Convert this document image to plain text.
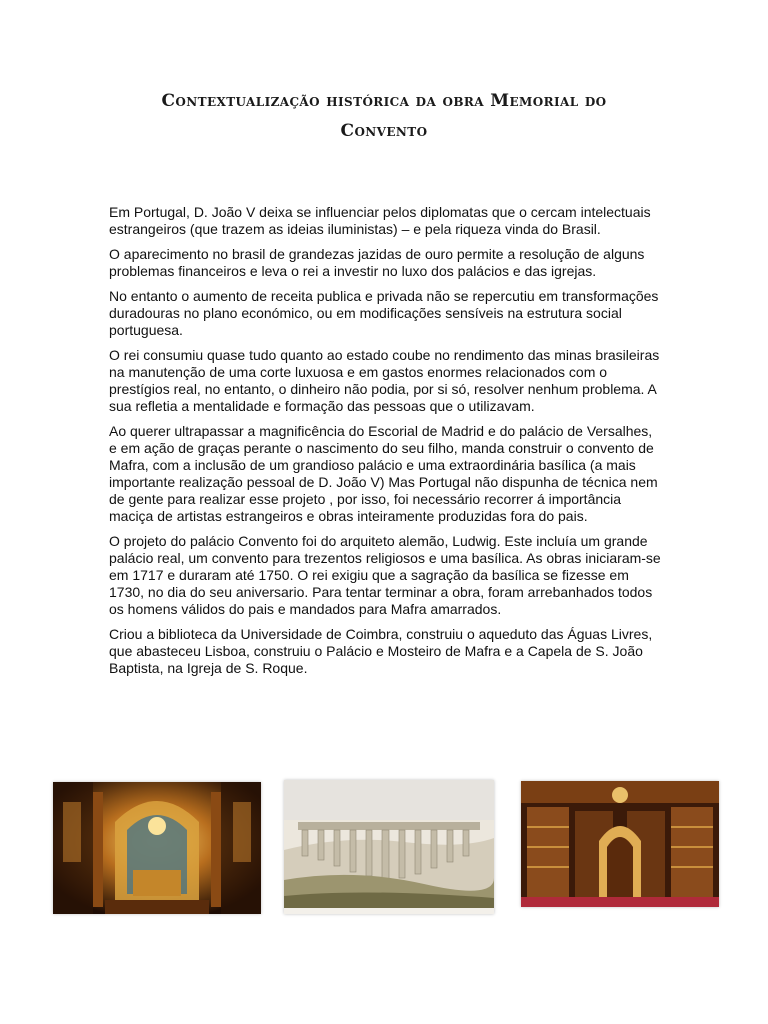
Contextualização histórica da obra Memorial do
Convento

Em Portugal, D. João V deixa se influenciar pelos diplomatas que o cercam intelectuais estrangeiros (que trazem as ideias iluministas) – e pela riqueza vinda do Brasil.

O aparecimento no brasil de grandezas jazidas de ouro permite a resolução de alguns problemas financeiros e leva o rei a investir no luxo dos palácios e das igrejas.

No entanto o aumento de receita publica e privada não se repercutiu em transformações duradouras no plano económico, ou em modificações sensíveis na estrutura social portuguesa.

O rei consumiu quase tudo quanto ao estado coube no rendimento das minas brasileiras na manutenção de uma corte luxuosa e em gastos enormes relacionados com o prestígios real, no entanto, o dinheiro não podia, por si só, resolver nenhum problema. A sua refletia a mentalidade e formação das pessoas que o utilizavam.

Ao querer ultrapassar a magnificência do Escorial de Madrid e do palácio de Versalhes, e em ação de graças perante o nascimento do seu filho, manda construir o convento de Mafra, com a inclusão de um grandioso palácio e uma extraordinária basílica (a mais importante realização pessoal de D. João V) Mas Portugal não dispunha de técnica nem de gente para realizar esse projeto , por isso, foi necessário recorrer á importância maciça de artistas estrangeiros e obras inteiramente produzidas fora do pais.

O projeto do palácio Convento foi do arquiteto alemão, Ludwig. Este incluía um grande palácio real, um convento para trezentos religiosos e uma basílica. As obras iniciaram-se em 1717 e duraram até 1750. O rei exigiu que a sagração da basílica se fizesse em 1730, no dia do seu aniversario. Para tentar terminar a obra, foram arrebanhados todos os homens válidos do pais e mandados para Mafra amarrados.

Criou a biblioteca da Universidade de Coimbra, construiu o aqueduto das Águas Livres, que abasteceu Lisboa, construiu o Palácio e Mosteiro de Mafra e a Capela de S. João Baptista, na Igreja de S. Roque.
